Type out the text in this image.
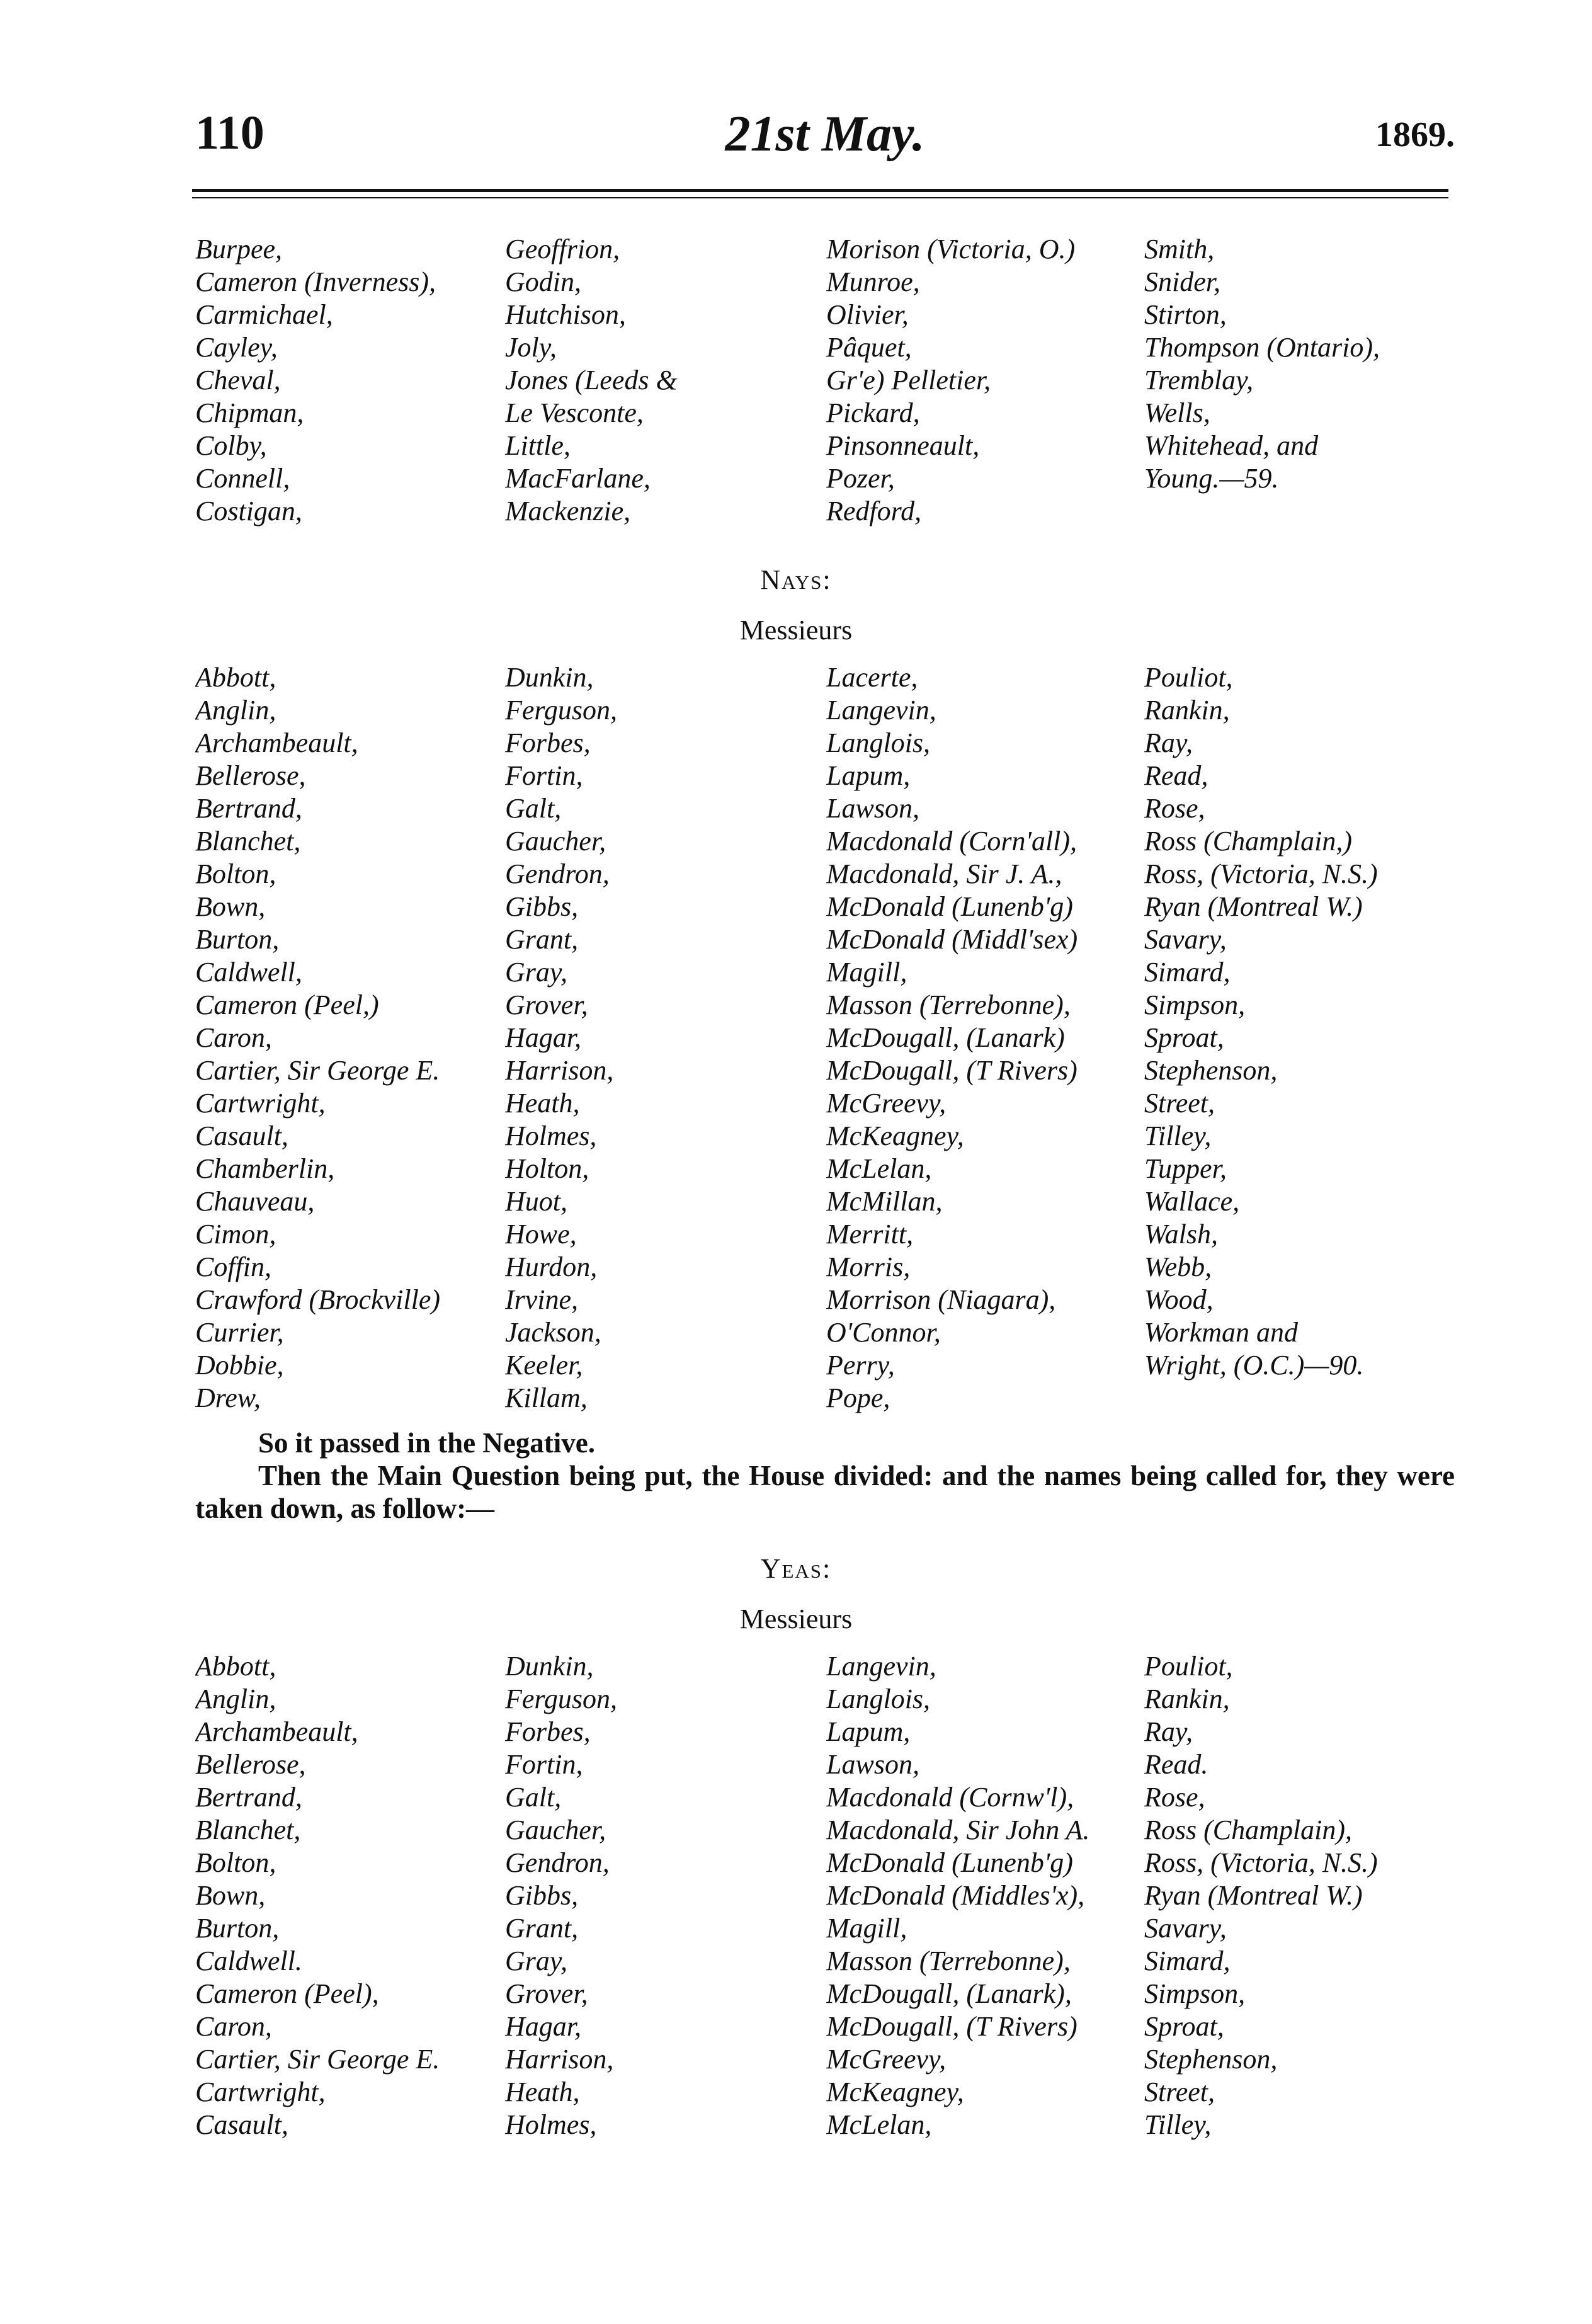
110	21st May.	1869.
Burpee,	Geoffrion,	Morison (Victoria, O.)	Smith,
Cameron (Inverness),	Godin,	Munroe,	Snider,
Carmichael,	Hutchison,	Olivier,	Stirton,
Cayley,	Joly,	Pâquet,	Thompson (Ontario),
Cheval,	Jones (Leeds &	Gr'e) Pelletier,	Tremblay,
Chipman,	Le Vesconte,	Pickard,	Wells,
Colby,	Little,	Pinsonneault,	Whitehead, and
Connell,	MacFarlane,	Pozer,	Young.—59.
Costigan,	Mackenzie,	Redford,
Nays:
Messieurs
Abbott,	Dunkin,	Lacerte,	Pouliot,
Anglin,	Ferguson,	Langevin,	Rankin,
Archambeault,	Forbes,	Langlois,	Ray,
Bellerose,	Fortin,	Lapum,	Read,
Bertrand,	Galt,	Lawson,	Rose,
Blanchet,	Gaucher,	Macdonald (Corn'all),	Ross (Champlain,)
Bolton,	Gendron,	Macdonald, Sir J. A.,	Ross, (Victoria, N.S.)
Bown,	Gibbs,	McDonald (Lunenb'g)	Ryan (Montreal W.)
Burton,	Grant,	McDonald (Middl'sex)	Savary,
Caldwell,	Gray,	Magill,	Simard,
Cameron (Peel,)	Grover,	Masson (Terrebonne),	Simpson,
Caron,	Hagar,	McDougall, (Lanark)	Sproat,
Cartier, Sir George E.	Harrison,	McDougall, (T Rivers)	Stephenson,
Cartwright,	Heath,	McGreevy,	Street,
Casault,	Holmes,	McKeagney,	Tilley,
Chamberlin,	Holton,	McLelan,	Tupper,
Chauveau,	Huot,	McMillan,	Wallace,
Cimon,	Howe,	Merritt,	Walsh,
Coffin,	Hurdon,	Morris,	Webb,
Crawford (Brockville)	Irvine,	Morrison (Niagara),	Wood,
Currier,	Jackson,	O'Connor,	Workman and
Dobbie,	Keeler,	Perry,	Wright, (O.C.)—90.
Drew,	Killam,	Pope,
So it passed in the Negative.
Then the Main Question being put, the House divided: and the names being called for, they were taken down, as follow:—
Yeas:
Messieurs
Abbott,	Dunkin,	Langevin,	Pouliot,
Anglin,	Ferguson,	Langlois,	Rankin,
Archambeault,	Forbes,	Lapum,	Ray,
Bellerose,	Fortin,	Lawson,	Read.
Bertrand,	Galt,	Macdonald (Cornw'l),	Rose,
Blanchet,	Gaucher,	Macdonald, Sir John A.	Ross (Champlain),
Bolton,	Gendron,	McDonald (Lunenb'g)	Ross, (Victoria, N.S.)
Bown,	Gibbs,	McDonald (Middles'x),	Ryan (Montreal W.)
Burton,	Grant,	Magill,	Savary,
Caldwell.	Gray,	Masson (Terrebonne),	Simard,
Cameron (Peel),	Grover,	McDougall, (Lanark),	Simpson,
Caron,	Hagar,	McDougall, (T Rivers)	Sproat,
Cartier, Sir George E.	Harrison,	McGreevy,	Stephenson,
Cartwright,	Heath,	McKeagney,	Street,
Casault,	Holmes,	McLelan,	Tilley,
